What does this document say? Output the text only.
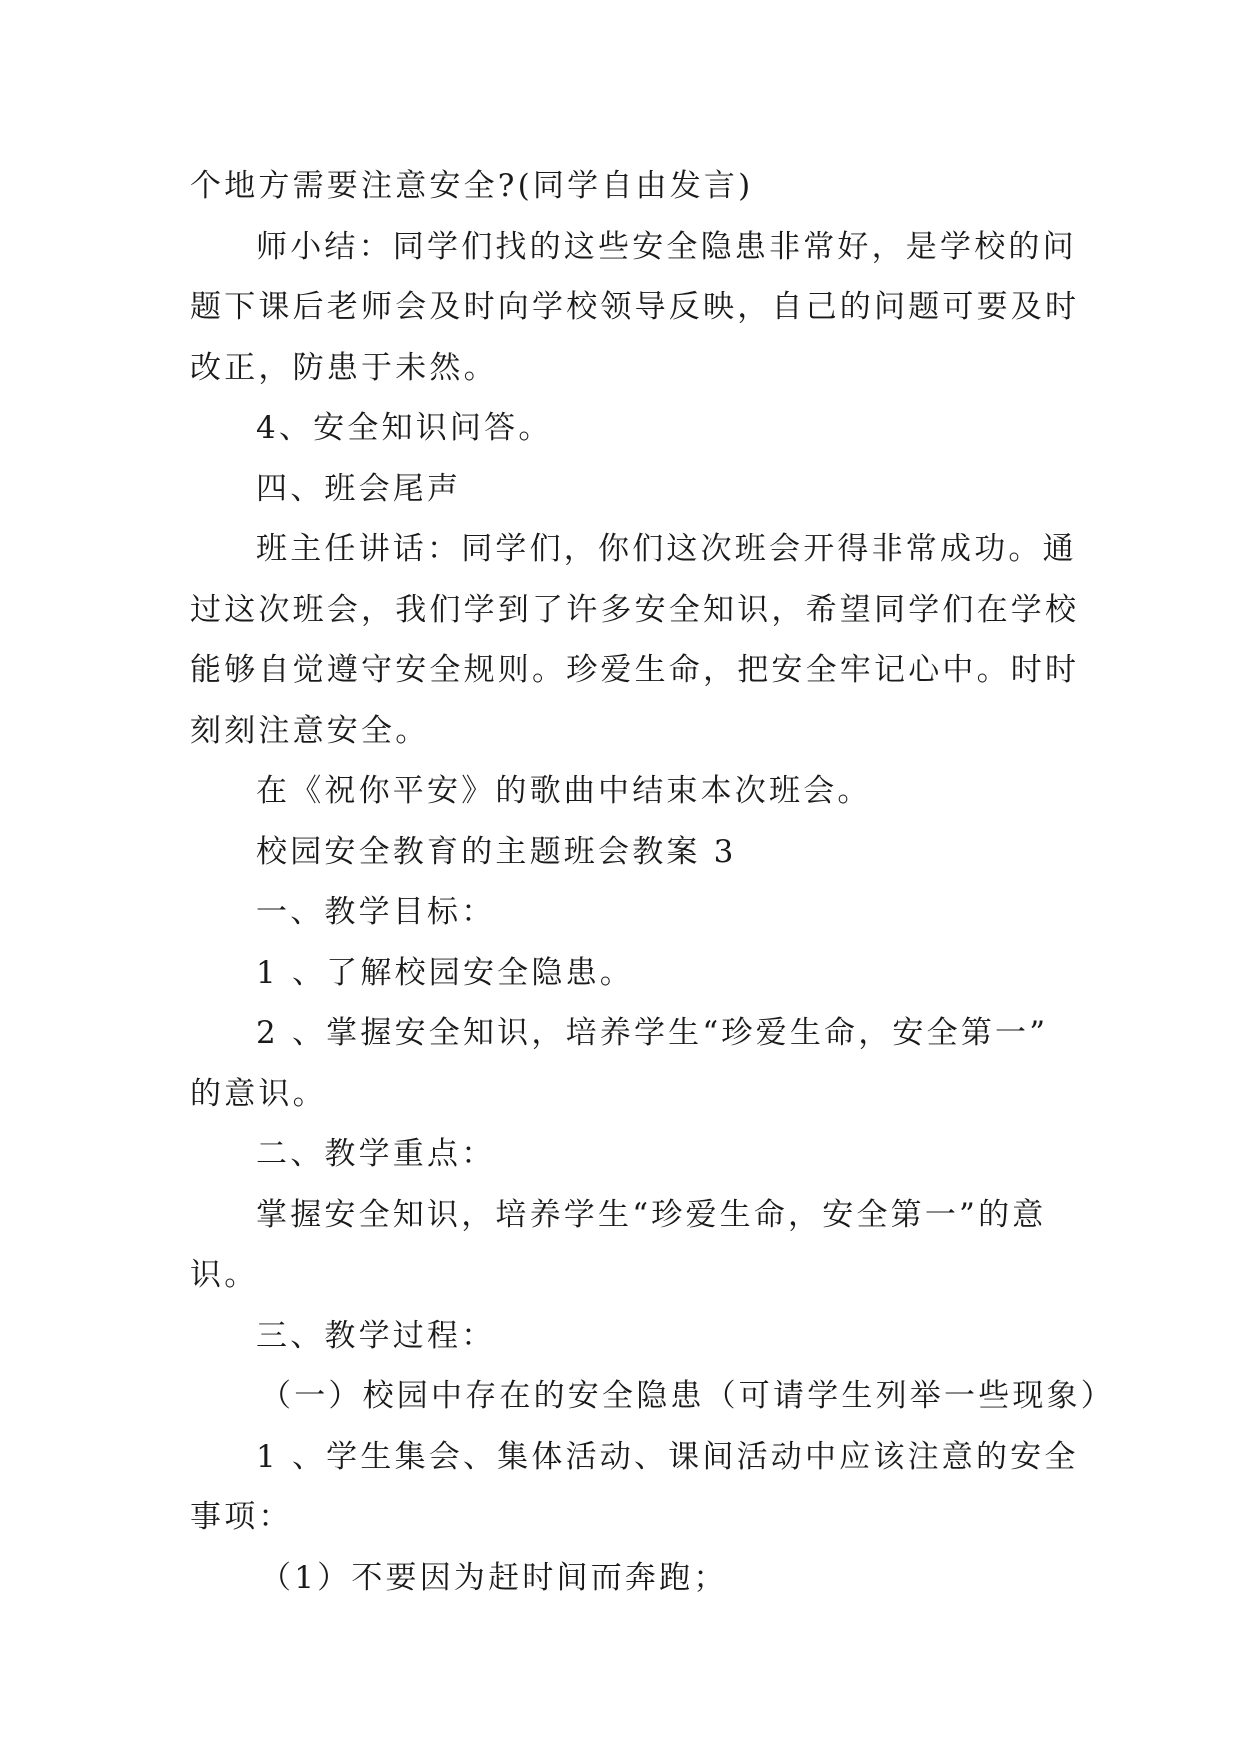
个地方需要注意安全?(同学自由发言)

师小结：同学们找的这些安全隐患非常好，是学校的问

题下课后老师会及时向学校领导反映，自己的问题可要及时

改正，防患于未然。

4、安全知识问答。

四、班会尾声

班主任讲话：同学们，你们这次班会开得非常成功。通

过这次班会，我们学到了许多安全知识，希望同学们在学校

能够自觉遵守安全规则。珍爱生命，把安全牢记心中。时时

刻刻注意安全。

在《祝你平安》的歌曲中结束本次班会。

校园安全教育的主题班会教案 3

一、教学目标：

1 、了解校园安全隐患。

2 、掌握安全知识，培养学生“珍爱生命，安全第一”

的意识。

二、教学重点：

掌握安全知识，培养学生“珍爱生命，安全第一”的意

识。

三、教学过程：

（一）校园中存在的安全隐患（可请学生列举一些现象）

1 、学生集会、集体活动、课间活动中应该注意的安全

事项：

（1）不要因为赶时间而奔跑；
